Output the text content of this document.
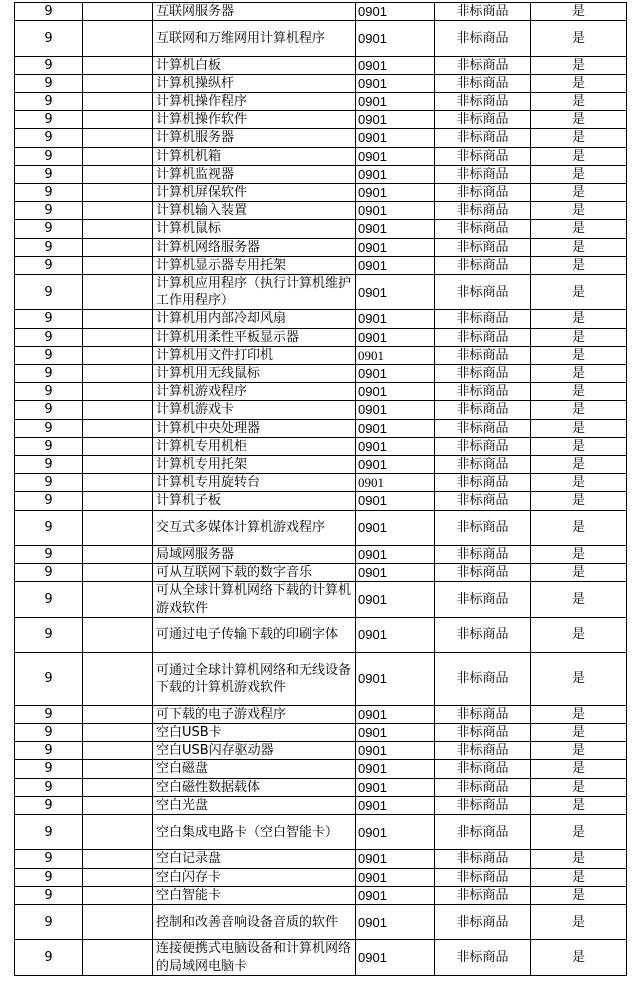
9		互联网服务器	0901	非标商品	是
9		互联网和万维网用计算机程序	0901	非标商品	是
9		计算机白板	0901	非标商品	是
9		计算机操纵杆	0901	非标商品	是
9		计算机操作程序	0901	非标商品	是
9		计算机操作软件	0901	非标商品	是
9		计算机服务器	0901	非标商品	是
9		计算机机箱	0901	非标商品	是
9		计算机监视器	0901	非标商品	是
9		计算机屏保软件	0901	非标商品	是
9		计算机输入装置	0901	非标商品	是
9		计算机鼠标	0901	非标商品	是
9		计算机网络服务器	0901	非标商品	是
9		计算机显示器专用托架	0901	非标商品	是
9		计算机应用程序（执行计算机维护工作用程序）	0901	非标商品	是
9		计算机用内部冷却风扇	0901	非标商品	是
9		计算机用柔性平板显示器	0901	非标商品	是
9		计算机用文件打印机	0901	非标商品	是
9		计算机用无线鼠标	0901	非标商品	是
9		计算机游戏程序	0901	非标商品	是
9		计算机游戏卡	0901	非标商品	是
9		计算机中央处理器	0901	非标商品	是
9		计算机专用机柜	0901	非标商品	是
9		计算机专用托架	0901	非标商品	是
9		计算机专用旋转台	0901	非标商品	是
9		计算机子板	0901	非标商品	是
9		交互式多媒体计算机游戏程序	0901	非标商品	是
9		局域网服务器	0901	非标商品	是
9		可从互联网下载的数字音乐	0901	非标商品	是
9		可从全球计算机网络下载的计算机游戏软件	0901	非标商品	是
9		可通过电子传输下载的印刷字体	0901	非标商品	是
9		可通过全球计算机网络和无线设备下载的计算机游戏软件	0901	非标商品	是
9		可下载的电子游戏程序	0901	非标商品	是
9		空白USB卡	0901	非标商品	是
9		空白USB闪存驱动器	0901	非标商品	是
9		空白磁盘	0901	非标商品	是
9		空白磁性数据载体	0901	非标商品	是
9		空白光盘	0901	非标商品	是
9		空白集成电路卡（空白智能卡）	0901	非标商品	是
9		空白记录盘	0901	非标商品	是
9		空白闪存卡	0901	非标商品	是
9		空白智能卡	0901	非标商品	是
9		控制和改善音响设备音质的软件	0901	非标商品	是
9		连接便携式电脑设备和计算机网络的局域网电脑卡	0901	非标商品	是
